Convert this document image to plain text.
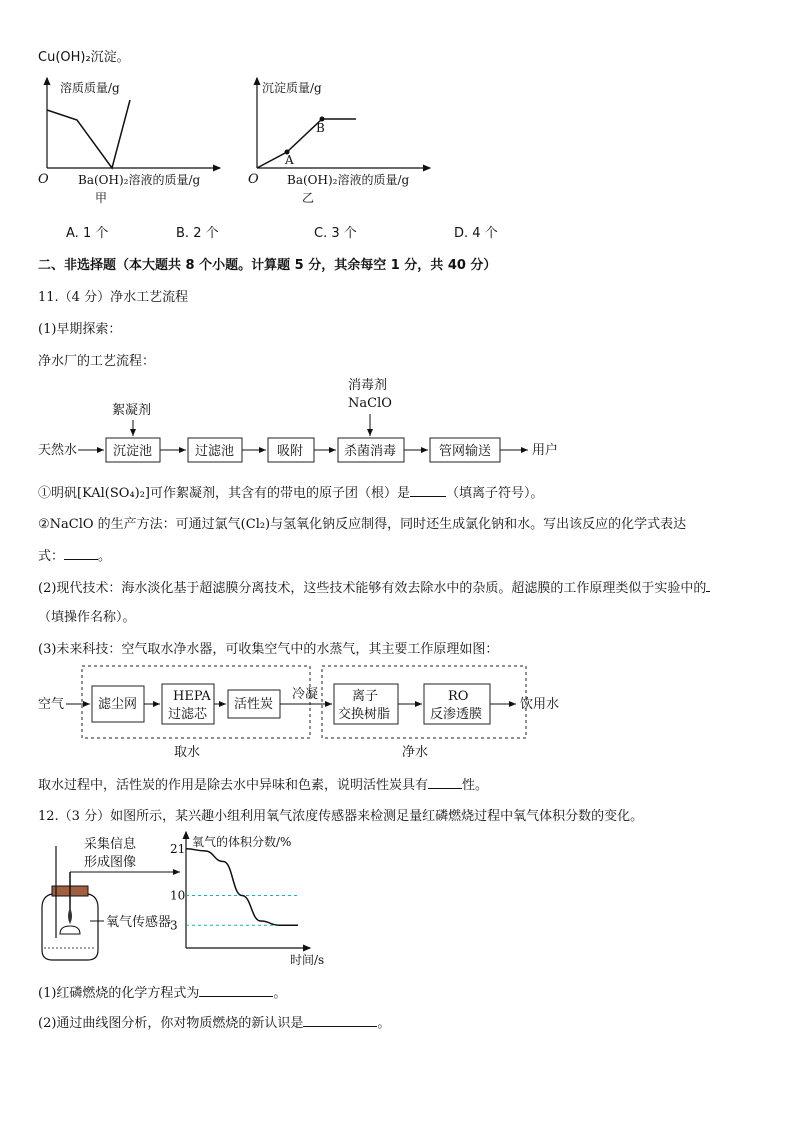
Cu(OH)₂沉淀。
溶质质量/g
O Ba(OH)₂溶液的质量/g
甲
A
B
沉淀质量/g
O Ba(OH)₂溶液的质量/g
乙
A. 1 个	B. 2 个	C. 3 个	D. 4 个
二、非选择题（本大题共 8 个小题。计算题 5 分，其余每空 1 分，共 40 分）
11.（4 分）净水工艺流程
(1)早期探索：
净水厂的工艺流程：
天然水	沉淀池	过滤池	吸附	杀菌消毒	管网输送	用户
絮凝剂
消毒剂
NaClO
①明矾[KAl(SO₄)₂]可作絮凝剂，其含有的带电的原子团（根）是	（填离子符号）。
②NaClO 的生产方法：可通过氯气(Cl₂)与氢氧化钠反应制得，同时还生成氯化钠和水。写出该反应的化学式表达
式：	。
(2)现代技术：海水淡化基于超滤膜分离技术，这些技术能够有效去除水中的杂质。超滤膜的工作原理类似于实验中的
（填操作名称）。
(3)未来科技：空气取水净水器，可收集空气中的水蒸气，其主要工作原理如图：
空气	滤尘网
HEPA
过滤芯
活性炭
离子
交换树脂
RO
反渗透膜
冷凝
饮用水
取水	净水
取水过程中，活性炭的作用是除去水中异味和色素，说明活性炭具有	性。
12.（3 分）如图所示，某兴趣小组利用氧气浓度传感器来检测足量红磷燃烧过程中氧气体积分数的变化。
采集信息
形成图像
氧气传感器
氧气的体积分数/%
时间/s
21
10
3
(1)红磷燃烧的化学方程式为	。
(2)通过曲线图分析，你对物质燃烧的新认识是	。
